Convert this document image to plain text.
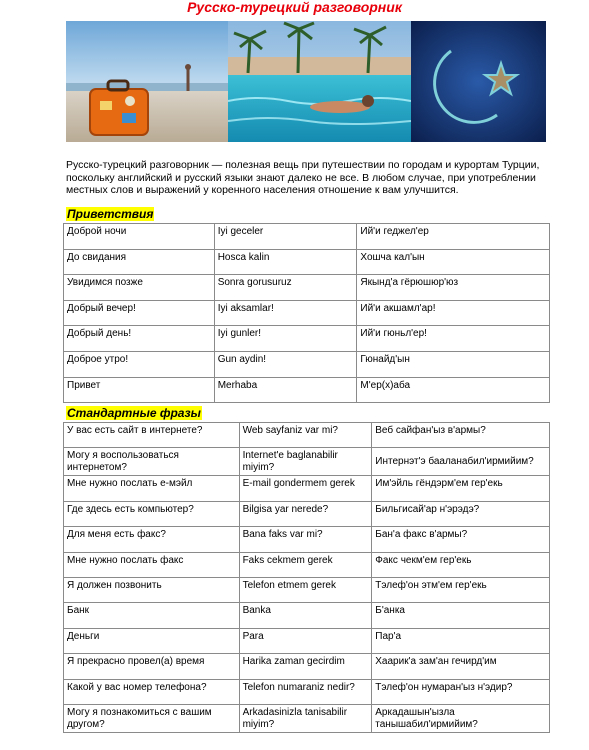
Русско-турецкий разговорник
Русско-турецкий разговорник — полезная вещь при путешествии по городам и курортам Турции, поскольку английский и русский языки знают далеко не все. В любом случае, при употреблении местных слов и выражений у коренного населения отношение к вам улучшится.
Приветствия
Доброй ночи	Iyi geceler	Ий'и геджел'ер
До свидания	Hosca kalin	Хошча кал'ын
Увидимся позже	Sonra gorusuruz	Якынд'а гёрюшюр'юз
Добрый вечер!	Iyi aksamlar!	Ий'и акшамл'ар!
Добрый день!	Iyi gunler!	Ий'и гюньл'ер!
Доброе утро!	Gun aydin!	Гюнайд'ын
Привет	Merhaba	М'ер(х)аба
Стандартные фразы
У вас есть сайт в интернете?	Web sayfaniz var mi?	Веб сайфан'ыз в'армы?
Могу я воспользоваться интернетом?	Internet'e baglanabilir miyim?	Интернэт'э бааланабил'ирмийим?
Мне нужно послать е-мэйл	E-mail gondermem gerek	Им'эйль гёндэрм'ем гер'екь
Где здесь есть компьютер?	Bilgisa yar nerede?	Бильгисай'ар н'эрэдэ?
Для меня есть факс?	Bana faks var mi?	Бан'а факс в'армы?
Мне нужно послать факс	Faks cekmem gerek	Факс чекм'ем гер'екь
Я должен позвонить	Telefon etmem gerek	Тэлеф'он этм'ем гер'екь
Банк	Banka	Б'анка
Деньги	Para	Пар'а
Я прекрасно провел(а) время	Harika zaman gecirdim	Хаарик'а зам'ан гечирд'им
Какой у вас номер телефона?	Telefon numaraniz nedir?	Тэлеф'он нумаран'ыз н'эдир?
Могу я познакомиться с вашим другом?	Arkadasinizla tanisabilir miyim?	Аркадашын'ызла танышабил'ирмийим?
